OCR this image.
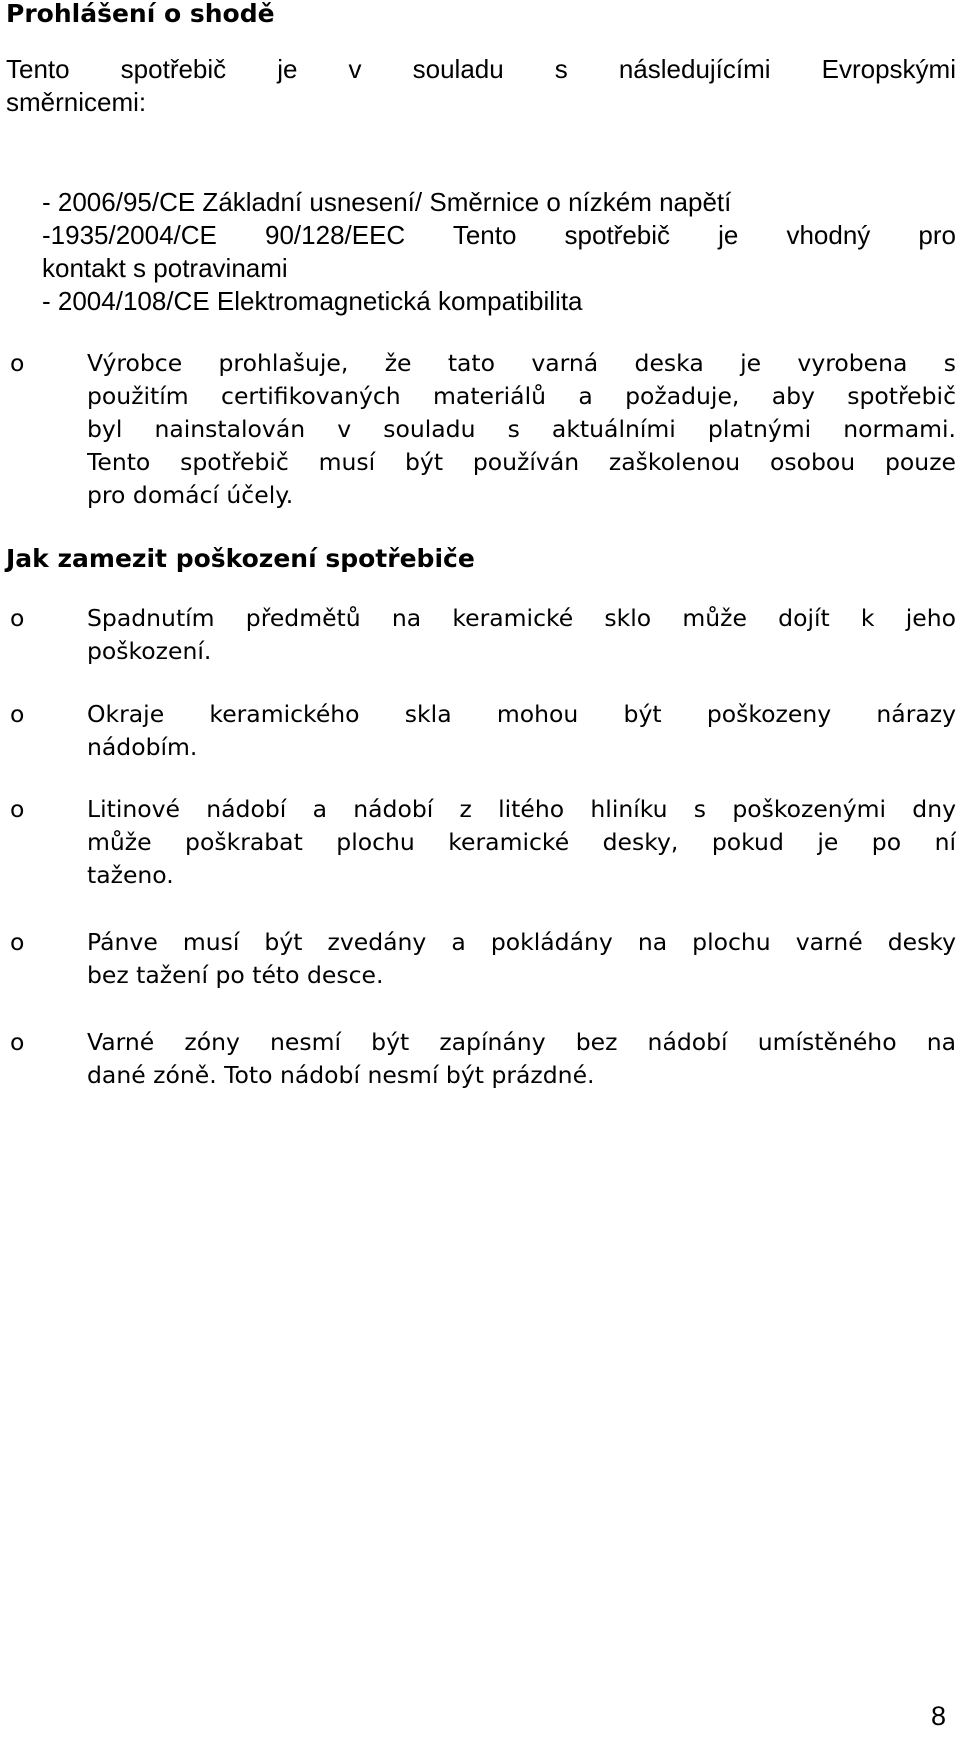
Prohlášení o shodě

Tento spotřebič je v souladu s následujícími Evropskými
směrnicemi:

- 2006/95/CE Základní usnesení/ Směrnice o nízkém napětí
-1935/2004/CE 90/128/EEC Tento spotřebič je vhodný pro
kontakt s potravinami
- 2004/108/CE Elektromagnetická kompatibilita

o	Výrobce prohlašuje, že tato varná deska je vyrobena s
použitím certifikovaných materiálů a požaduje, aby spotřebič
byl nainstalován v souladu s aktuálními platnými normami.
Tento spotřebič musí být používán zaškolenou osobou pouze
pro domácí účely.

Jak zamezit poškození spotřebiče
o	Spadnutím předmětů na keramické sklo může dojít k jeho
poškození.

o	Okraje keramického skla mohou být poškozeny nárazy
nádobím.

o	Litinové nádobí a nádobí z litého hliníku s poškozenými dny
může poškrabat plochu keramické desky, pokud je po ní
taženo.

o	Pánve musí být zvedány a pokládány na plochu varné desky
bez tažení po této desce.

o	Varné zóny nesmí být zapínány bez nádobí umístěného na
dané zóně. Toto nádobí nesmí být prázdné.

8
